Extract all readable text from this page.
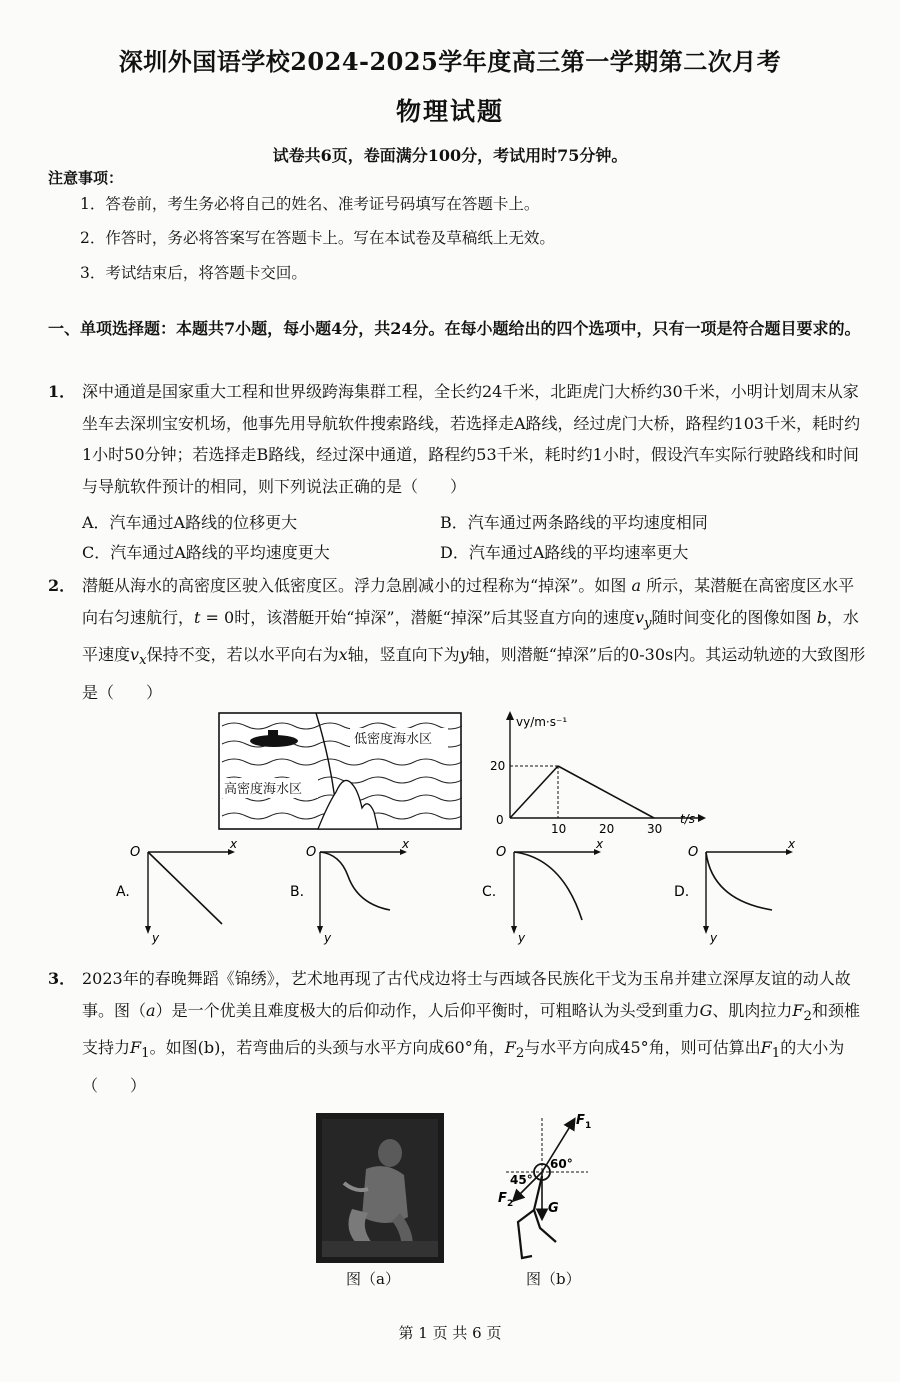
深圳外国语学校2024-2025学年度高三第一学期第二次月考
物理试题
试卷共6页，卷面满分100分，考试用时75分钟。
注意事项：
1．答卷前，考生务必将自己的姓名、准考证号码填写在答题卡上。
2．作答时，务必将答案写在答题卡上。写在本试卷及草稿纸上无效。
3．考试结束后，将答题卡交回。
一、单项选择题：本题共7小题，每小题4分，共24分。在每小题给出的四个选项中，只有一项是符合题目要求的。
1． 深中通道是国家重大工程和世界级跨海集群工程，全长约24千米，北距虎门大桥约30千米，小明计划周末从家坐车去深圳宝安机场，他事先用导航软件搜索路线，若选择走A路线，经过虎门大桥，路程约103千米，耗时约1小时50分钟；若选择走B路线，经过深中通道，路程约53千米，耗时约1小时，假设汽车实际行驶路线和时间与导航软件预计的相同，则下列说法正确的是（　　）
A．汽车通过A路线的位移更大	B．汽车通过两条路线的平均速度相同
C．汽车通过A路线的平均速度更大	D．汽车通过A路线的平均速率更大
2． 潜艇从海水的高密度区驶入低密度区。浮力急剧减小的过程称为“掉深”。如图 a 所示，某潜艇在高密度区水平向右匀速航行，t = 0时，该潜艇开始“掉深”，潜艇“掉深”后其竖直方向的速度$v_y$随时间变化的图像如图 b，水平速度$v_x$保持不变，若以水平向右为x轴，竖直向下为y轴，则潜艇“掉深”后的0-30s内。其运动轨迹的大致图形是（　　）
低密度海水区
高密度海水区
vy/m·s⁻¹
t/s
0
10	20	30
20
O
x
y
A.
O
x
y
B.
O
x
y
C.
O
x
y
D.
3． 2023年的春晚舞蹈《锦绣》，艺术地再现了古代戍边将士与西域各民族化干戈为玉帛并建立深厚友谊的动人故事。图（a）是一个优美且难度极大的后仰动作，人后仰平衡时，可粗略认为头受到重力G、肌肉拉力$F_2$和颈椎支持力$F_1$。如图(b)，若弯曲后的头颈与水平方向成60°角，$F_2$与水平方向成45°角，则可估算出$F_1$的大小为（　　）
图（a）
F 1
F 2	G
60°
45°
图（b）
第 1 页 共 6 页
